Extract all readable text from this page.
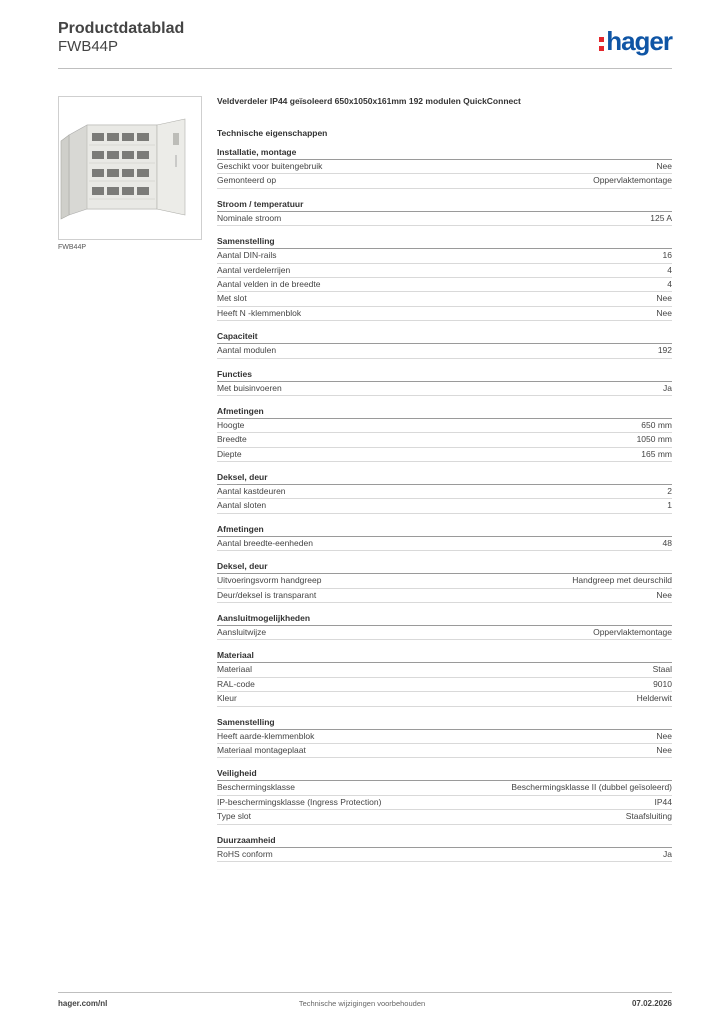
Productdatablad
FWB44P	hager
FWB44P
Veldverdeler IP44 geïsoleerd 650x1050x161mm 192 modulen QuickConnect
Technische eigenschappen
Installatie, montage
Geschikt voor buitengebruik	Nee
Gemonteerd op	Oppervlaktemontage
Stroom / temperatuur
Nominale stroom	125 A
Samenstelling
Aantal DIN-rails	16
Aantal verdelerrijen	4
Aantal velden in de breedte	4
Met slot	Nee
Heeft N -klemmenblok	Nee
Capaciteit
Aantal modulen	192
Functies
Met buisinvoeren	Ja
Afmetingen
Hoogte	650 mm
Breedte	1050 mm
Diepte	165 mm
Deksel, deur
Aantal kastdeuren	2
Aantal sloten	1
Afmetingen
Aantal breedte-eenheden	48
Deksel, deur
Uitvoeringsvorm handgreep	Handgreep met deurschild
Deur/deksel is transparant	Nee
Aansluitmogelijkheden
Aansluitwijze	Oppervlaktemontage
Materiaal
Materiaal	Staal
RAL-code	9010
Kleur	Helderwit
Samenstelling
Heeft aarde-klemmenblok	Nee
Materiaal montageplaat	Nee
Veiligheid
Beschermingsklasse	Beschermingsklasse II (dubbel geïsoleerd)
IP-beschermingsklasse (Ingress Protection)	IP44
Type slot	Staafsluiting
Duurzaamheid
RoHS conform	Ja
hager.com/nl	Technische wijzigingen voorbehouden	07.02.2026
